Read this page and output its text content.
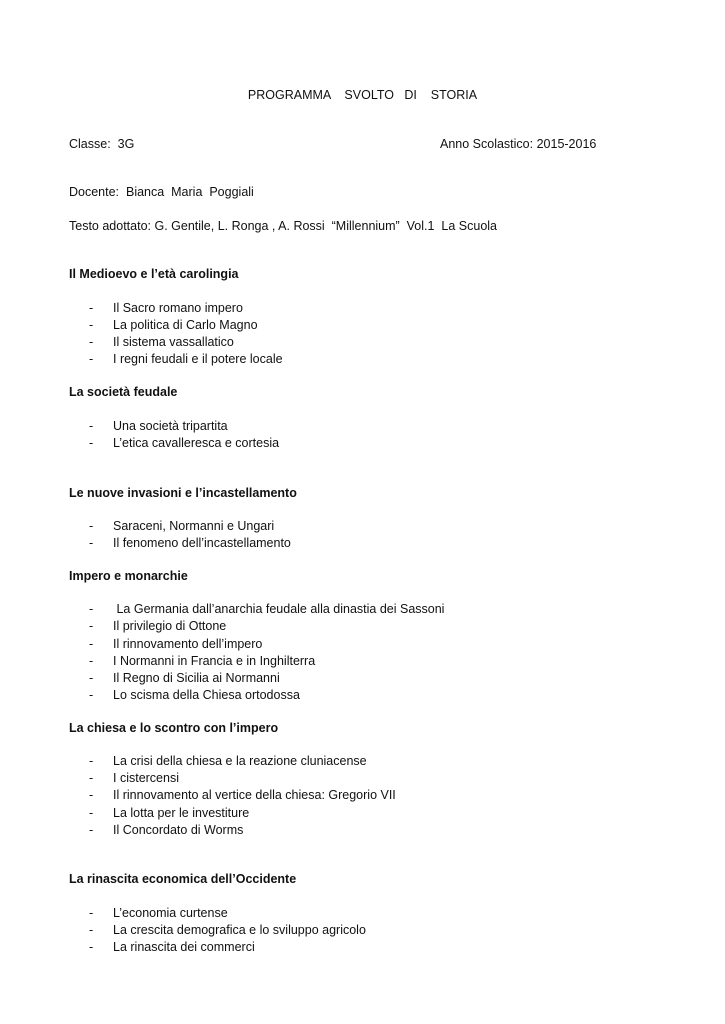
PROGRAMMA    SVOLTO   DI    STORIA
Classe:  3G	Anno Scolastico: 2015-2016
Docente:  Bianca  Maria  Poggiali
Testo adottato: G. Gentile, L. Ronga , A. Rossi  “Millennium”  Vol.1  La Scuola
Il Medioevo e l’età carolingia
-	Il Sacro romano impero
-	La politica di Carlo Magno
-	Il sistema vassallatico
-	I regni feudali e il potere locale
La società feudale
-	Una società tripartita
-	L’etica cavalleresca e cortesia
Le nuove invasioni e l’incastellamento
-	Saraceni, Normanni e Ungari
-	Il fenomeno dell’incastellamento
Impero e monarchie
-	La Germania dall’anarchia feudale alla dinastia dei Sassoni
-	Il privilegio di Ottone
-	Il rinnovamento dell’impero
-	I Normanni in Francia e in Inghilterra
-	Il Regno di Sicilia ai Normanni
-	Lo scisma della Chiesa ortodossa
La chiesa e lo scontro con l’impero
-	La crisi della chiesa e la reazione cluniacense
-	I cistercensi
-	Il rinnovamento al vertice della chiesa: Gregorio VII
-	La lotta per le investiture
-	Il Concordato di Worms
La rinascita economica dell’Occidente
-	L’economia curtense
-	La crescita demografica e lo sviluppo agricolo
-	La rinascita dei commerci
